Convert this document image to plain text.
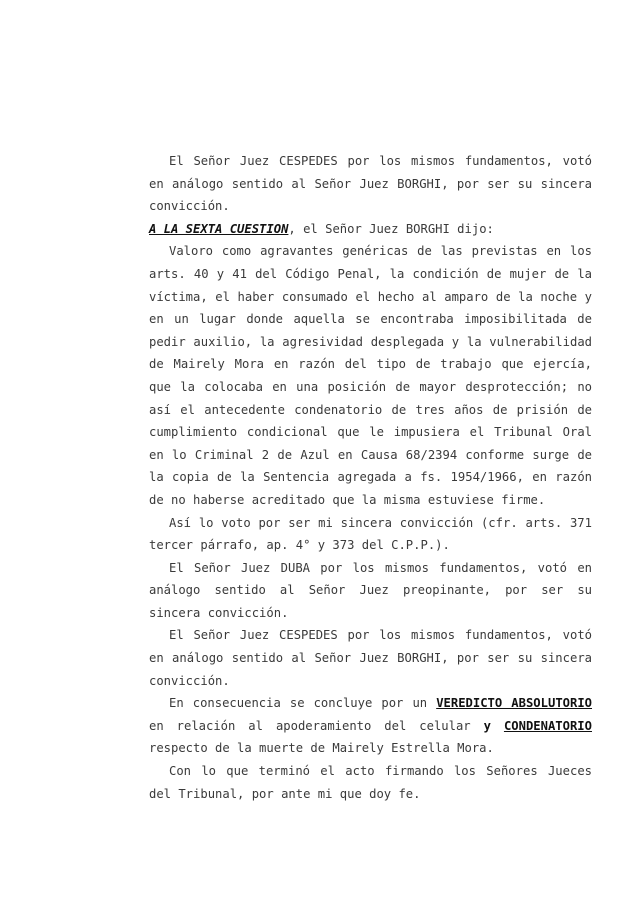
El Señor Juez CESPEDES por los mismos fundamentos, votó en análogo sentido al Señor Juez BORGHI, por ser su sincera convicción.

A LA SEXTA CUESTION, el Señor Juez BORGHI dijo:

Valoro como agravantes genéricas de las previstas en los arts. 40 y 41 del Código Penal, la condición de mujer de la víctima, el haber consumado el hecho al amparo de la noche y en un lugar donde aquella se encontraba imposibilitada de pedir auxilio, la agresividad desplegada y la vulnerabilidad de Mairely Mora en razón del tipo de trabajo que ejercía, que la colocaba en una posición de mayor desprotección; no así el antecedente condenatorio de tres años de prisión de cumplimiento condicional que le impusiera el Tribunal Oral en lo Criminal 2 de Azul en Causa 68/2394 conforme surge de la copia de la Sentencia agregada a fs. 1954/1966, en razón de no haberse acreditado que la misma estuviese firme.

Así lo voto por ser mi sincera convicción (cfr. arts. 371 tercer párrafo, ap. 4° y 373 del C.P.P.).

El Señor Juez DUBA por los mismos fundamentos, votó en análogo sentido al Señor Juez preopinante, por ser su sincera convicción.

El Señor Juez CESPEDES por los mismos fundamentos, votó en análogo sentido al Señor Juez BORGHI, por ser su sincera convicción.

En consecuencia se concluye por un VEREDICTO ABSOLUTORIO en relación al apoderamiento del celular y CONDENATORIO respecto de la muerte de Mairely Estrella Mora.

Con lo que terminó el acto firmando los Señores Jueces del Tribunal, por ante mi que doy fe.
